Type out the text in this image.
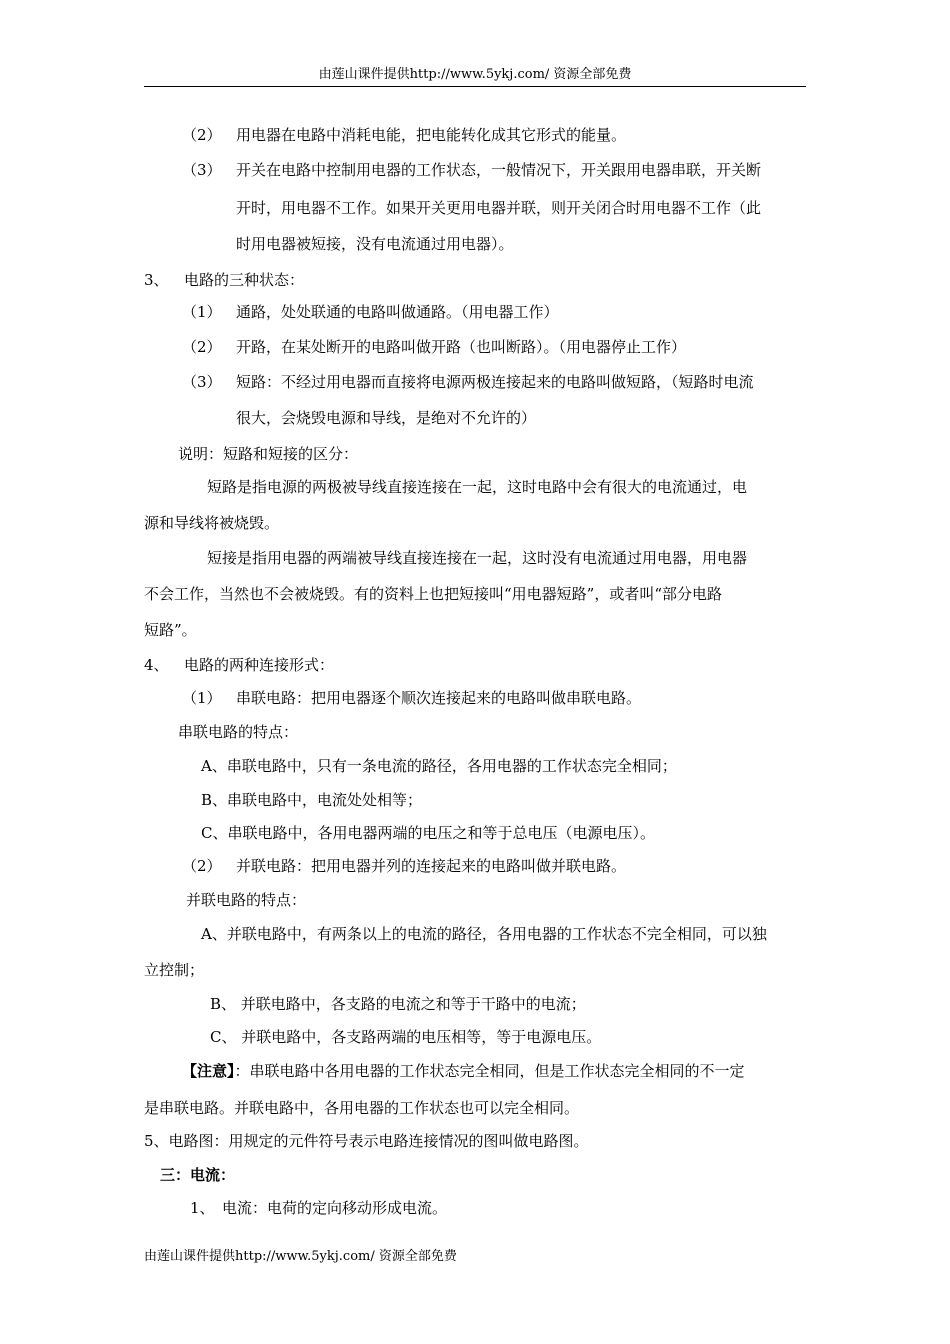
由莲山课件提供http://www.5ykj.com/ 资源全部免费
（2） 用电器在电路中消耗电能，把电能转化成其它形式的能量。
（3） 开关在电路中控制用电器的工作状态，一般情况下，开关跟用电器串联，开关断
开时，用电器不工作。如果开关更用电器并联，则开关闭合时用电器不工作（此
时用电器被短接，没有电流通过用电器）。
3、 电路的三种状态：
（1） 通路，处处联通的电路叫做通路。（用电器工作）
（2） 开路，在某处断开的电路叫做开路（也叫断路）。（用电器停止工作）
（3） 短路：不经过用电器而直接将电源两极连接起来的电路叫做短路，（短路时电流
很大，会烧毁电源和导线，是绝对不允许的）
说明：短路和短接的区分：
短路是指电源的两极被导线直接连接在一起，这时电路中会有很大的电流通过，电
源和导线将被烧毁。
短接是指用电器的两端被导线直接连接在一起，这时没有电流通过用电器，用电器
不会工作，当然也不会被烧毁。有的资料上也把短接叫“用电器短路”，或者叫“部分电路
短路”。
4、 电路的两种连接形式：
（1） 串联电路：把用电器逐个顺次连接起来的电路叫做串联电路。
串联电路的特点：
A、串联电路中，只有一条电流的路径，各用电器的工作状态完全相同；
B、串联电路中，电流处处相等；
C、串联电路中，各用电器两端的电压之和等于总电压（电源电压）。
（2） 并联电路：把用电器并列的连接起来的电路叫做并联电路。
并联电路的特点：
A、并联电路中，有两条以上的电流的路径，各用电器的工作状态不完全相同，可以独
立控制；
B、 并联电路中，各支路的电流之和等于干路中的电流；
C、 并联电路中，各支路两端的电压相等，等于电源电压。
【注意】：串联电路中各用电器的工作状态完全相同，但是工作状态完全相同的不一定
是串联电路。并联电路中，各用电器的工作状态也可以完全相同。
5、电路图：用规定的元件符号表示电路连接情况的图叫做电路图。
三：电流：
1、 电流：电荷的定向移动形成电流。
由莲山课件提供http://www.5ykj.com/ 资源全部免费
